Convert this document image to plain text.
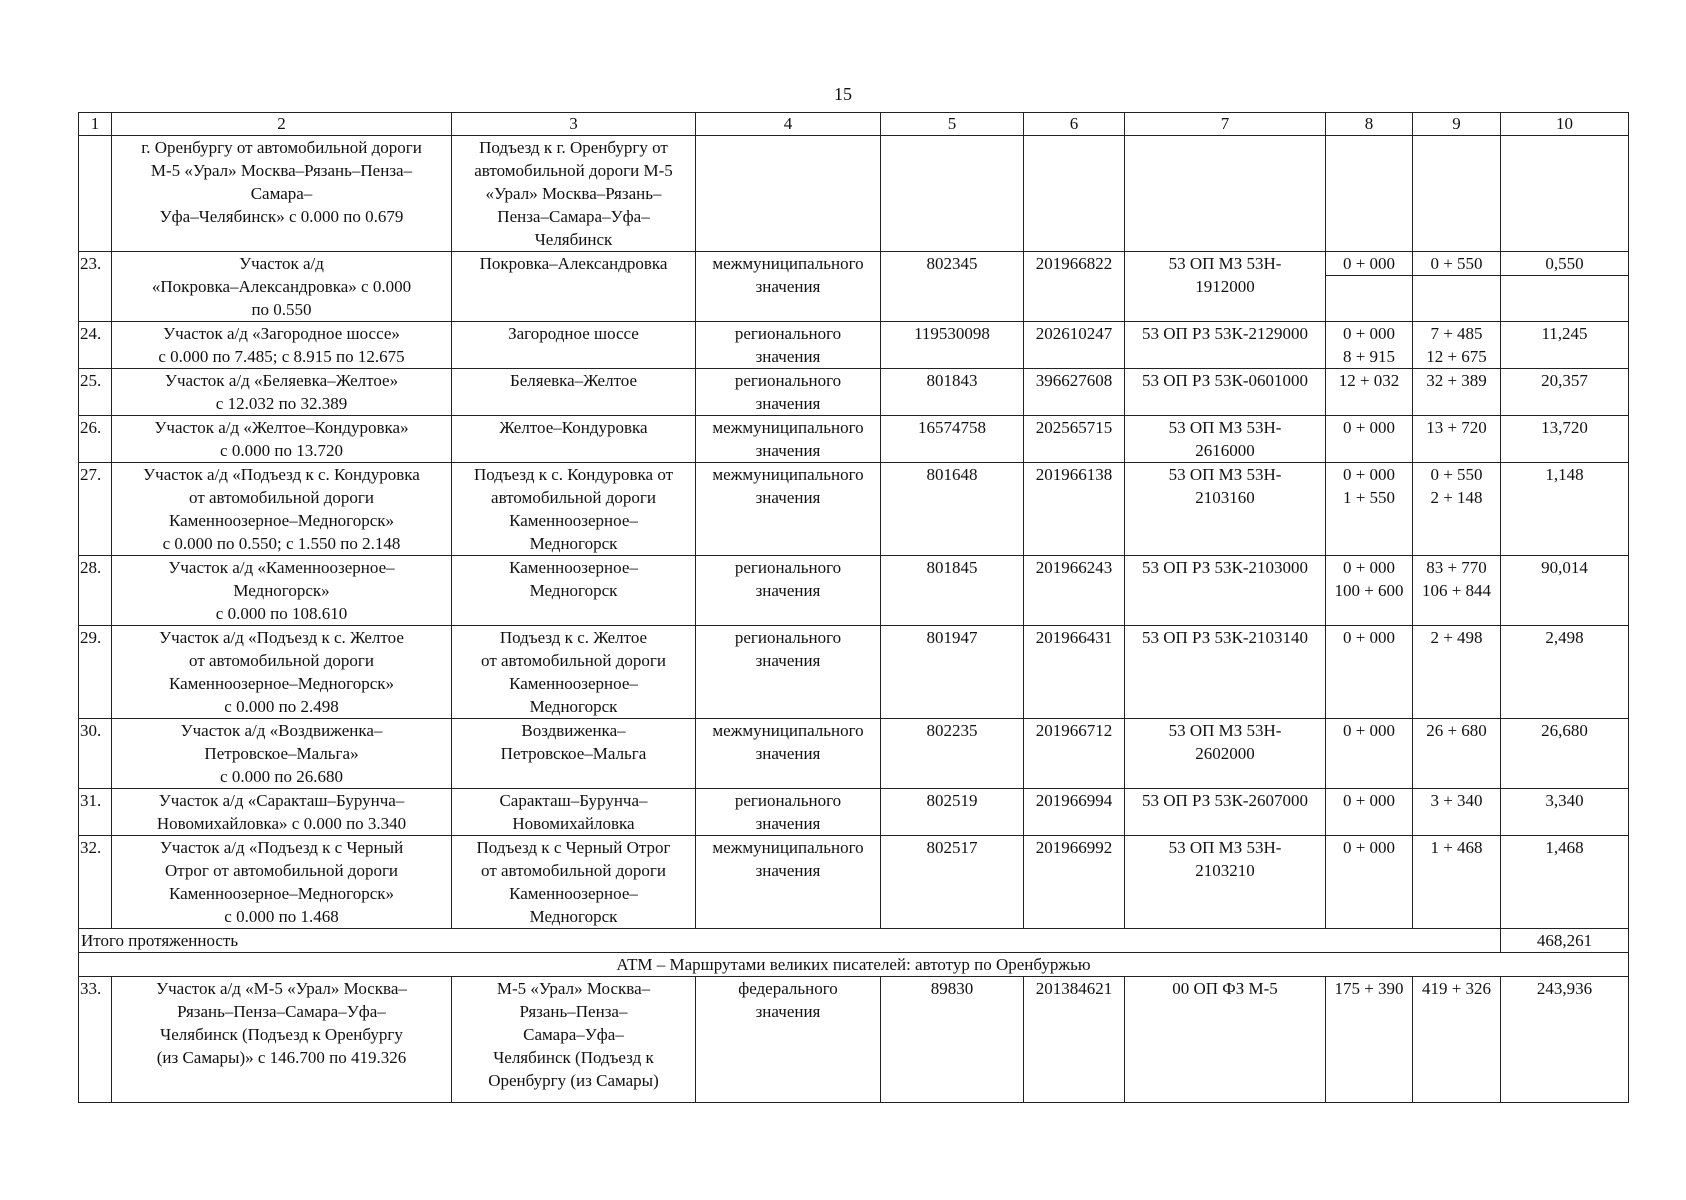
15
1	2	3	4	5	6	7	8	9	10
	г. Оренбургу от автомобильной дороги
М-5 «Урал» Москва–Рязань–Пенза–
Самара–
Уфа–Челябинск» с 0.000 по 0.679	Подъезд к г. Оренбургу от
автомобильной дороги М-5
«Урал» Москва–Рязань–
Пенза–Самара–Уфа–
Челябинск							
23.	Участок а/д
«Покровка–Александровка» с 0.000
по 0.550	Покровка–Александровка	межмуниципального
значения	802345	201966822	53 ОП МЗ 53Н-
1912000	0 + 000	0 + 550	0,550

24.	Участок а/д «Загородное шоссе»
с 0.000 по 7.485; с 8.915 по 12.675	Загородное шоссе	регионального
значения	119530098	202610247	53 ОП РЗ 53К-2129000	0 + 000
8 + 915	7 + 485
12 + 675	11,245
25.	Участок а/д «Беляевка–Желтое»
с 12.032 по 32.389	Беляевка–Желтое	регионального
значения	801843	396627608	53 ОП РЗ 53К-0601000	12 + 032	32 + 389	20,357
26.	Участок а/д «Желтое–Кондуровка»
с 0.000 по 13.720	Желтое–Кондуровка	межмуниципального
значения	16574758	202565715	53 ОП МЗ 53Н-
2616000	0 + 000	13 + 720	13,720
27.	Участок а/д «Подъезд к с. Кондуровка
от автомобильной дороги
Каменноозерное–Медногорск»
с 0.000 по 0.550; с 1.550 по 2.148	Подъезд к с. Кондуровка от
автомобильной дороги
Каменноозерное–
Медногорск	межмуниципального
значения	801648	201966138	53 ОП МЗ 53Н-
2103160	0 + 000
1 + 550	0 + 550
2 + 148	1,148
28.	Участок а/д «Каменноозерное–
Медногорск»
с 0.000 по 108.610	Каменноозерное–
Медногорск	регионального
значения	801845	201966243	53 ОП РЗ 53К-2103000	0 + 000
100 + 600	83 + 770
106 + 844	90,014
29.	Участок а/д «Подъезд к с. Желтое
от автомобильной дороги
Каменноозерное–Медногорск»
с 0.000 по 2.498	Подъезд к с. Желтое
от автомобильной дороги
Каменноозерное–
Медногорск	регионального
значения	801947	201966431	53 ОП РЗ 53К-2103140	0 + 000	2 + 498	2,498
30.	Участок а/д «Воздвиженка–
Петровское–Мальга»
с 0.000 по 26.680	Воздвиженка–
Петровское–Мальга	межмуниципального
значения	802235	201966712	53 ОП МЗ 53Н-
2602000	0 + 000	26 + 680	26,680
31.	Участок а/д «Саракташ–Бурунча–
Новомихайловка» с 0.000 по 3.340	Саракташ–Бурунча–
Новомихайловка	регионального
значения	802519	201966994	53 ОП РЗ 53К-2607000	0 + 000	3 + 340	3,340
32.	Участок а/д «Подъезд к с Черный
Отрог от автомобильной дороги
Каменноозерное–Медногорск»
с 0.000 по 1.468	Подъезд к с Черный Отрог
от автомобильной дороги
Каменноозерное–
Медногорск	межмуниципального
значения	802517	201966992	53 ОП МЗ 53Н-
2103210	0 + 000	1 + 468	1,468
Итого протяженность									468,261
АТМ – Маршрутами великих писателей: автотур по Оренбуржью									
33.	Участок а/д «М-5 «Урал» Москва–
Рязань–Пенза–Самара–Уфа–
Челябинск (Подъезд к Оренбургу
(из Самары)» с 146.700 по 419.326	М-5 «Урал» Москва–
Рязань–Пенза–
Самара–Уфа–
Челябинск (Подъезд к
Оренбургу (из Самары)	федерального
значения	89830	201384621	00 ОП ФЗ М-5	175 + 390	419 + 326	243,936
